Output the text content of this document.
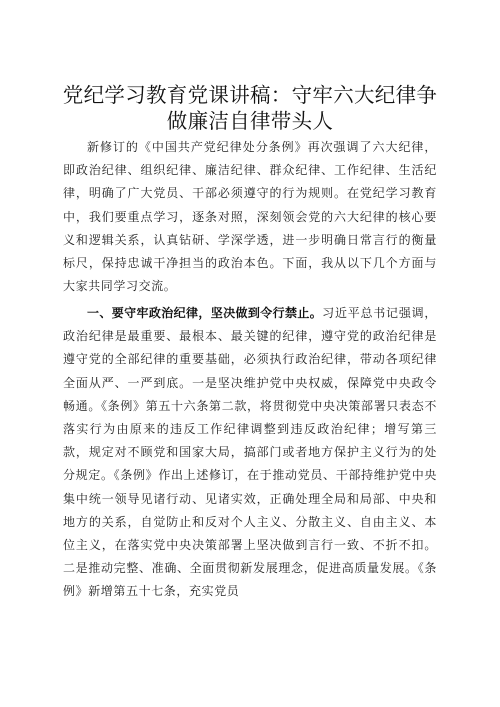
党纪学习教育党课讲稿：守牢六大纪律争做廉洁自律带头人

新修订的《中国共产党纪律处分条例》再次强调了六大纪律，即政治纪律、组织纪律、廉洁纪律、群众纪律、工作纪律、生活纪律，明确了广大党员、干部必须遵守的行为规则。在党纪学习教育中，我们要重点学习，逐条对照，深刻领会党的六大纪律的核心要义和逻辑关系，认真钻研、学深学透，进一步明确日常言行的衡量标尺，保持忠诚干净担当的政治本色。下面，我从以下几个方面与大家共同学习交流。

一、要守牢政治纪律，坚决做到令行禁止。习近平总书记强调，政治纪律是最重要、最根本、最关键的纪律，遵守党的政治纪律是遵守党的全部纪律的重要基础，必须执行政治纪律，带动各项纪律全面从严、一严到底。一是坚决维护党中央权威，保障党中央政令畅通。《条例》第五十六条第二款，将贯彻党中央决策部署只表态不落实行为由原来的违反工作纪律调整到违反政治纪律；增写第三款，规定对不顾党和国家大局，搞部门或者地方保护主义行为的处分规定。《条例》作出上述修订，在于推动党员、干部持维护党中央集中统一领导见诸行动、见诸实效，正确处理全局和局部、中央和地方的关系，自觉防止和反对个人主义、分散主义、自由主义、本位主义，在落实党中央决策部署上坚决做到言行一致、不折不扣。二是推动完整、准确、全面贯彻新发展理念，促进高质量发展。《条例》新增第五十七条，充实党员
